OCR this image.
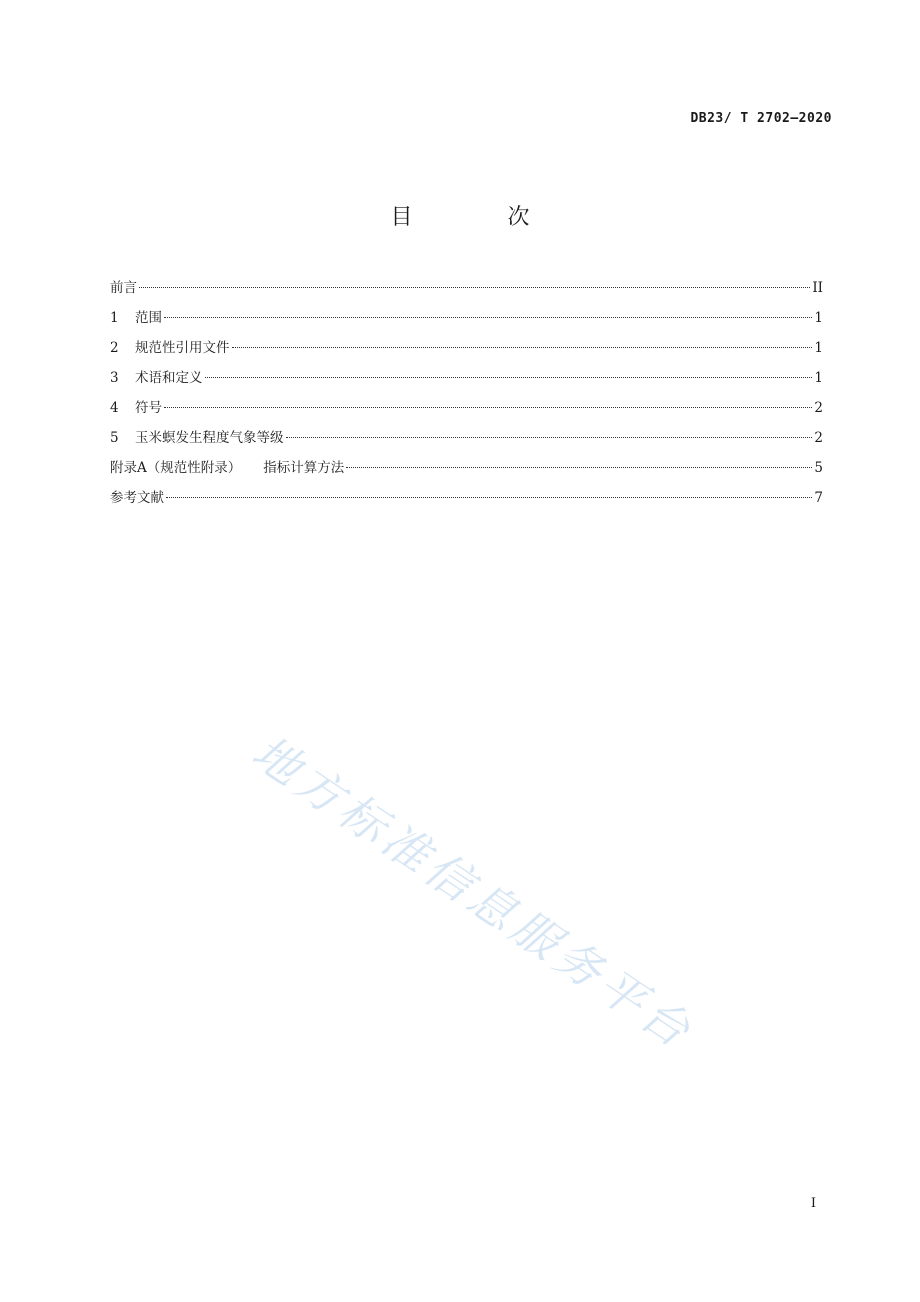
DB23/ T 2702—2020
目 次
前言	II
1	范围	1
2	规范性引用文件	1
3	术语和定义	1
4	符号	2
5	玉米螟发生程度气象等级	2
附录A（规范性附录） 指标计算方法	5
参考文献	7
地方标准信息服务平台
I
